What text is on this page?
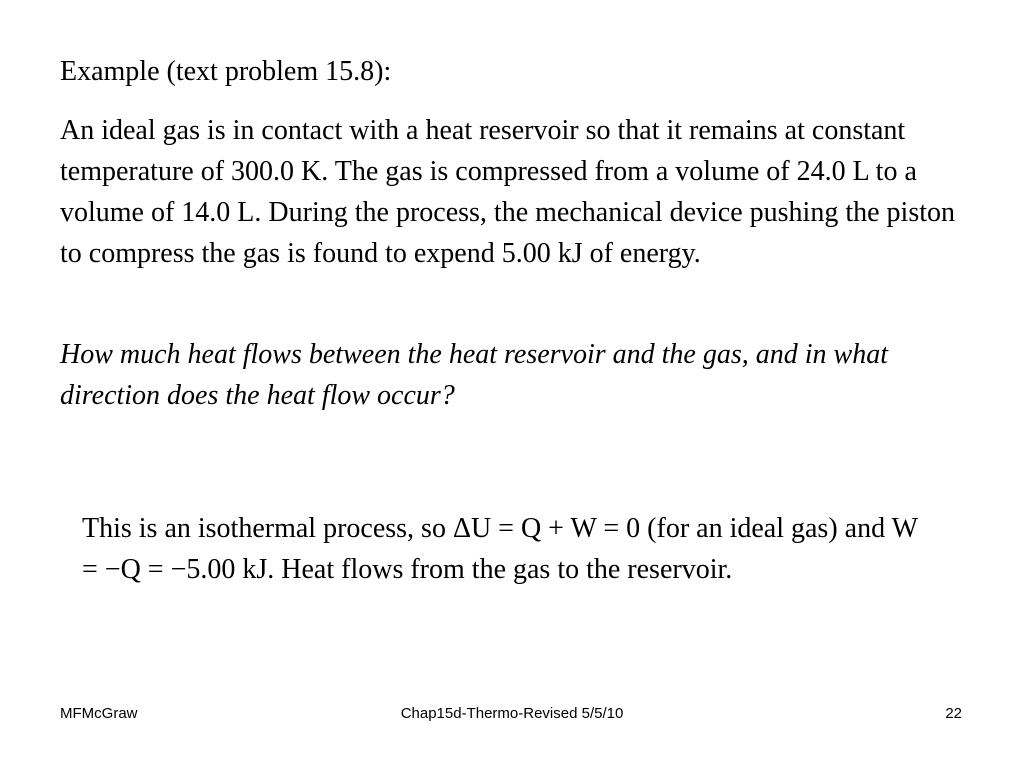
Example (text problem 15.8):

An ideal gas is in contact with a heat reservoir so that it remains at constant temperature of 300.0 K. The gas is compressed from a volume of 24.0 L to a volume of 14.0 L. During the process, the mechanical device pushing the piston to compress the gas is found to expend 5.00 kJ of energy.

How much heat flows between the heat reservoir and the gas, and in what direction does the heat flow occur?

This is an isothermal process, so ΔU = Q + W = 0 (for an ideal gas) and W = −Q = −5.00 kJ. Heat flows from the gas to the reservoir.

MFMcGraw	Chap15d-Thermo-Revised 5/5/10	22
